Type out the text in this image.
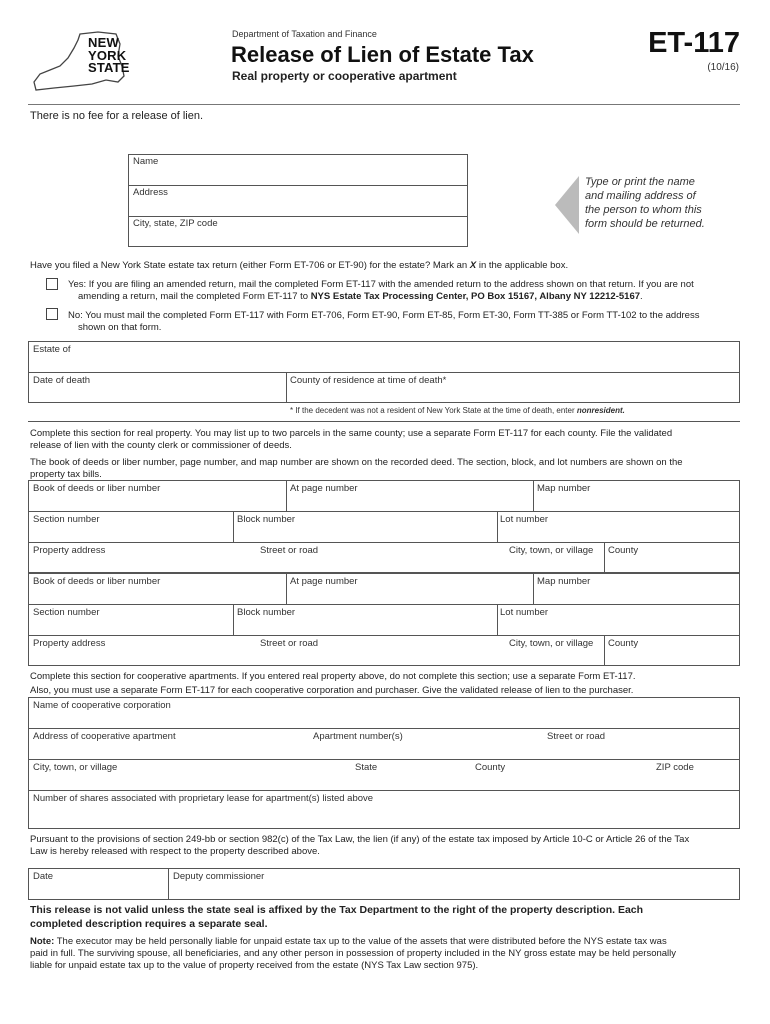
NEW
YORK
STATE
Department of Taxation and Finance
Release of Lien of Estate Tax
Real property or cooperative apartment
ET-117
(10/16)
There is no fee for a release of lien.
Name
Address
City, state, ZIP code
Type or print the name
and mailing address of
the person to whom this
form should be returned.
Have you filed a New York State estate tax return (either Form ET-706 or ET-90) for the estate? Mark an X in the applicable box.
Yes: If you are filing an amended return, mail the completed Form ET-117 with the amended return to the address shown on that return. If you are not
amending a return, mail the completed Form ET-117 to NYS Estate Tax Processing Center, PO Box 15167, Albany NY 12212-5167.
No: You must mail the completed Form ET-117 with Form ET-706, Form ET-90, Form ET-85, Form ET-30, Form TT-385 or Form TT-102 to the address
shown on that form.
Estate of
Date of death	County of residence at time of death*
* If the decedent was not a resident of New York State at the time of death, enter nonresident.
Complete this section for real property. You may list up to two parcels in the same county; use a separate Form ET-117 for each county. File the validated
release of lien with the county clerk or commissioner of deeds.
The book of deeds or liber number, page number, and map number are shown on the recorded deed. The section, block, and lot numbers are shown on the
property tax bills.
Book of deeds or liber number	At page number	Map number
Section number	Block number	Lot number
Property address	Street or road	City, town, or village County
Book of deeds or liber number	At page number	Map number
Section number	Block number	Lot number
Property address	Street or road	City, town, or village County
Complete this section for cooperative apartments. If you entered real property above, do not complete this section; use a separate Form ET-117.
Also, you must use a separate Form ET-117 for each cooperative corporation and purchaser. Give the validated release of lien to the purchaser.
Name of cooperative corporation
Address of cooperative apartment	Apartment number(s)	Street or road
City, town, or village	State	County	ZIP code
Number of shares associated with proprietary lease for apartment(s) listed above
Pursuant to the provisions of section 249-bb or section 982(c) of the Tax Law, the lien (if any) of the estate tax imposed by Article 10-C or Article 26 of the Tax
Law is hereby released with respect to the property described above.
Date	Deputy commissioner
This release is not valid unless the state seal is affixed by the Tax Department to the right of the property description. Each
completed description requires a separate seal.
Note: The executor may be held personally liable for unpaid estate tax up to the value of the assets that were distributed before the NYS estate tax was
paid in full. The surviving spouse, all beneficiaries, and any other person in possession of property included in the NY gross estate may be held personally
liable for unpaid estate tax up to the value of property received from the estate (NYS Tax Law section 975).
